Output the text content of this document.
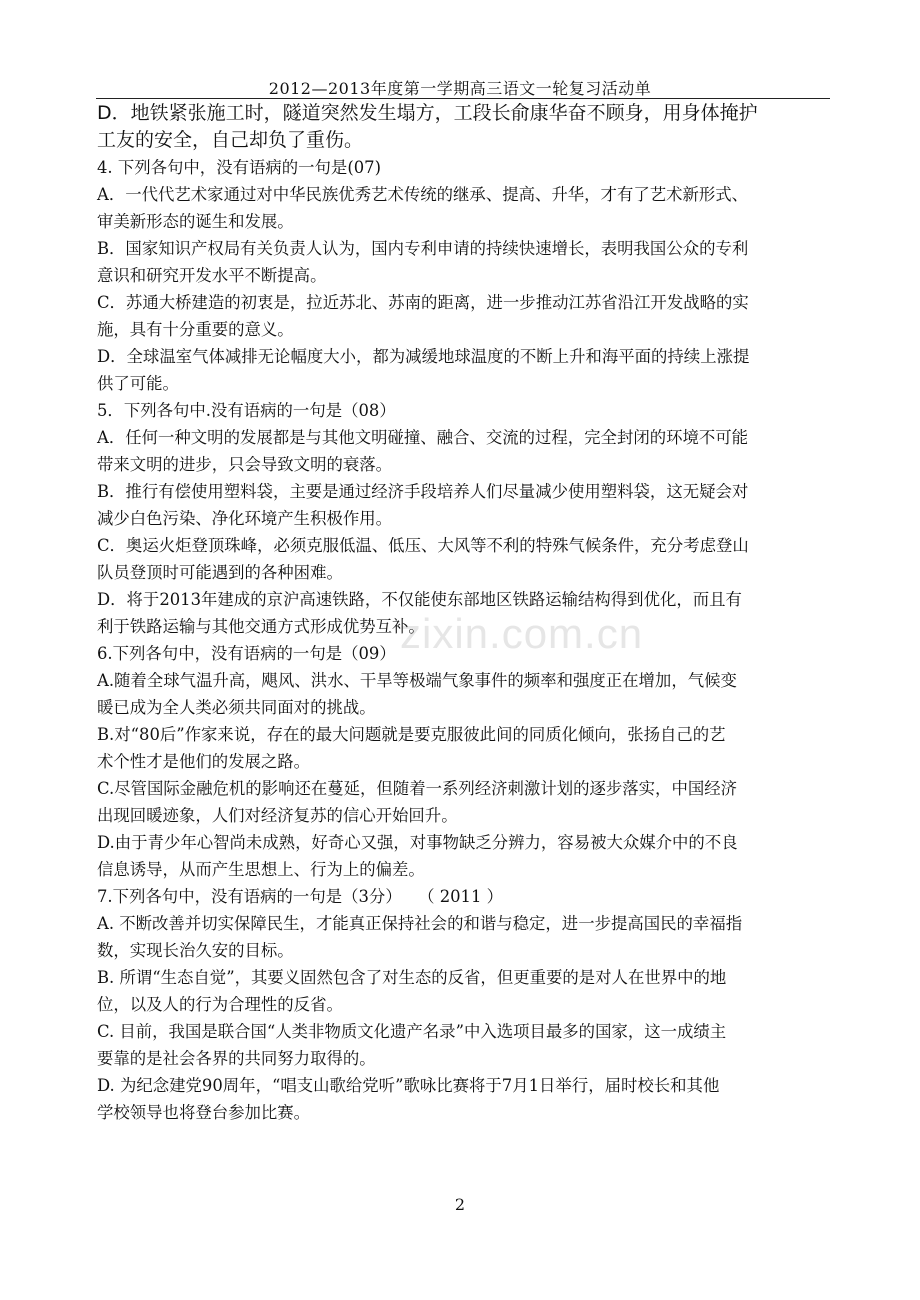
2012—2013年度第一学期高三语文一轮复习活动单
zixin.com.cn
D．地铁紧张施工时，隧道突然发生塌方，工段长俞康华奋不顾身，用身体掩护
工友的安全，自己却负了重伤。
4. 下列各句中，没有语病的一句是(07)
A．一代代艺术家通过对中华民族优秀艺术传统的继承、提高、升华，才有了艺术新形式、
审美新形态的诞生和发展。
B．国家知识产权局有关负责人认为，国内专利申请的持续快速增长，表明我国公众的专利
意识和研究开发水平不断提高。
C．苏通大桥建造的初衷是，拉近苏北、苏南的距离，进一步推动江苏省沿江开发战略的实
施，具有十分重要的意义。
D．全球温室气体减排无论幅度大小，都为减缓地球温度的不断上升和海平面的持续上涨提
供了可能。
5．下列各句中.没有语病的一句是（08）
A．任何一种文明的发展都是与其他文明碰撞、融合、交流的过程，完全封闭的环境不可能
带来文明的进步，只会导致文明的衰落。
B．推行有偿使用塑料袋，主要是通过经济手段培养人们尽量减少使用塑料袋，这无疑会对
减少白色污染、净化环境产生积极作用。
C．奥运火炬登顶珠峰，必须克服低温、低压、大风等不利的特殊气候条件，充分考虑登山
队员登顶时可能遇到的各种困难。
D．将于2013年建成的京沪高速铁路，不仅能使东部地区铁路运输结构得到优化，而且有
利于铁路运输与其他交通方式形成优势互补。
6.下列各句中，没有语病的一句是（09）
A.随着全球气温升高，飓风、洪水、干旱等极端气象事件的频率和强度正在增加，气候变
暖已成为全人类必须共同面对的挑战。
B.对“80后”作家来说，存在的最大问题就是要克服彼此间的同质化倾向，张扬自己的艺
术个性才是他们的发展之路。
C.尽管国际金融危机的影响还在蔓延，但随着一系列经济刺激计划的逐步落实，中国经济
出现回暖迹象，人们对经济复苏的信心开始回升。
D.由于青少年心智尚未成熟，好奇心又强，对事物缺乏分辨力，容易被大众媒介中的不良
信息诱导，从而产生思想上、行为上的偏差。
7.下列各句中，没有语病的一句是（3分）　　（ 2011 ）
A. 不断改善并切实保障民生，才能真正保持社会的和谐与稳定，进一步提高国民的幸福指
数，实现长治久安的目标。
B. 所谓“生态自觉”，其要义固然包含了对生态的反省，但更重要的是对人在世界中的地
位，以及人的行为合理性的反省。
C. 目前，我国是联合国“人类非物质文化遗产名录”中入选项目最多的国家，这一成绩主
要靠的是社会各界的共同努力取得的。
D. 为纪念建党90周年，“唱支山歌给党听”歌咏比赛将于7月1日举行，届时校长和其他
学校领导也将登台参加比赛。
2
